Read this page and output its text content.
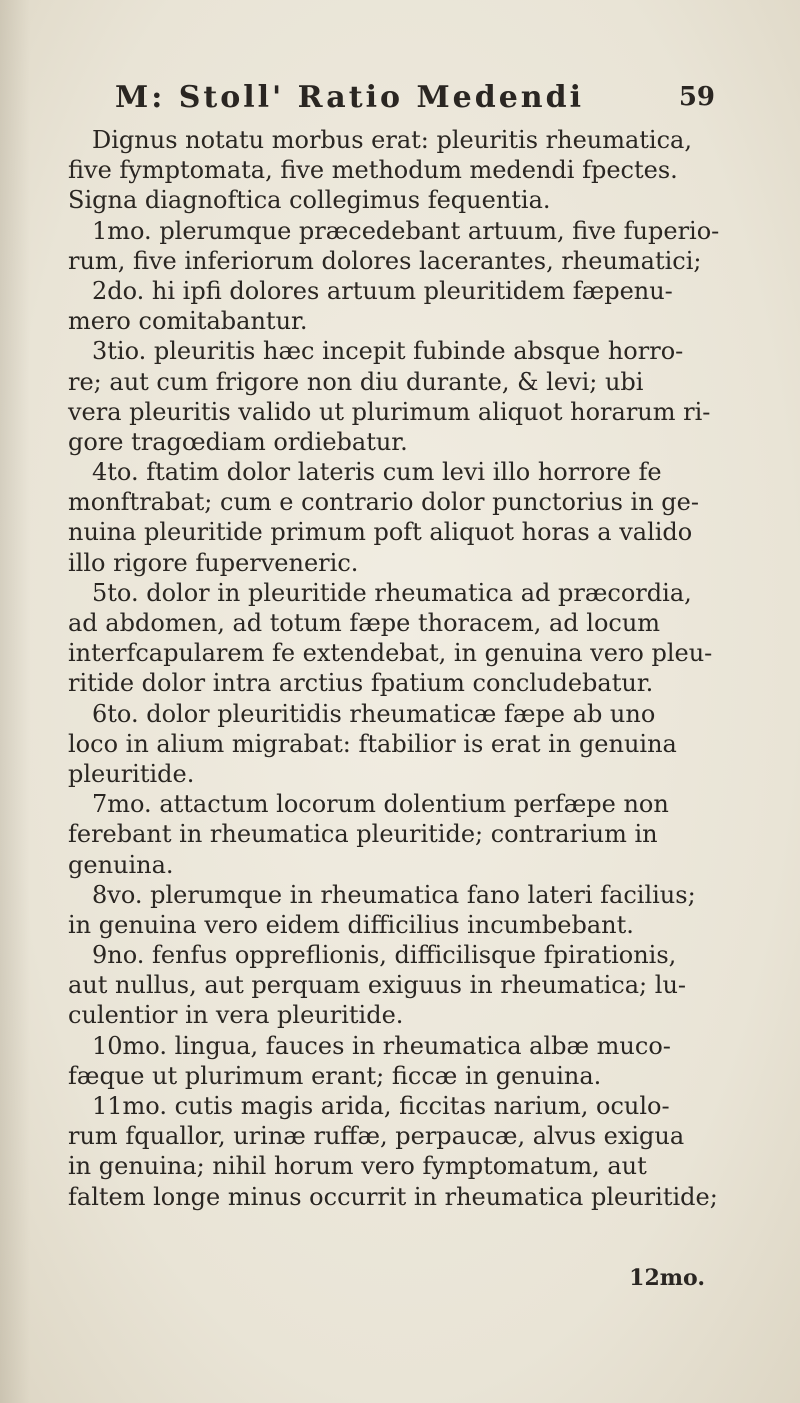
M: Stoll' Ratio Medendi	59
Dignus notatu morbus erat: pleuritis rheumatica,
five fymptomata, five methodum medendi fpectes.
Signa diagnoftica collegimus fequentia.
1mo. plerumque præcedebant artuum, five fuperio-
rum, five inferiorum dolores lacerantes, rheumatici;
2do. hi ipfi dolores artuum pleuritidem fæpenu-
mero comitabantur.
3tio. pleuritis hæc incepit fubinde absque horro-
re; aut cum frigore non diu durante, & levi; ubi
vera pleuritis valido ut plurimum aliquot horarum ri-
gore tragœdiam ordiebatur.
4to. ftatim dolor lateris cum levi illo horrore fe
monftrabat; cum e contrario dolor punctorius in ge-
nuina pleuritide primum poft aliquot horas a valido
illo rigore fuperveneric.
5to. dolor in pleuritide rheumatica ad præcordia,
ad abdomen, ad totum fæpe thoracem, ad locum
interfcapularem fe extendebat, in genuina vero pleu-
ritide dolor intra arctius fpatium concludebatur.
6to. dolor pleuritidis rheumaticæ fæpe ab uno
loco in alium migrabat: ftabilior is erat in genuina
pleuritide.
7mo. attactum locorum dolentium perfæpe non
ferebant in rheumatica pleuritide; contrarium in
genuina.
8vo. plerumque in rheumatica fano lateri facilius;
in genuina vero eidem difficilius incumbebant.
9no. fenfus oppreflionis, difficilisque fpirationis,
aut nullus, aut perquam exiguus in rheumatica; lu-
culentior in vera pleuritide.
10mo. lingua, fauces in rheumatica albæ muco-
fæque ut plurimum erant; ficcæ in genuina.
11mo. cutis magis arida, ficcitas narium, oculo-
rum fquallor, urinæ ruffæ, perpaucæ, alvus exigua
in genuina; nihil horum vero fymptomatum, aut
faltem longe minus occurrit in rheumatica pleuritide;
12mo.
